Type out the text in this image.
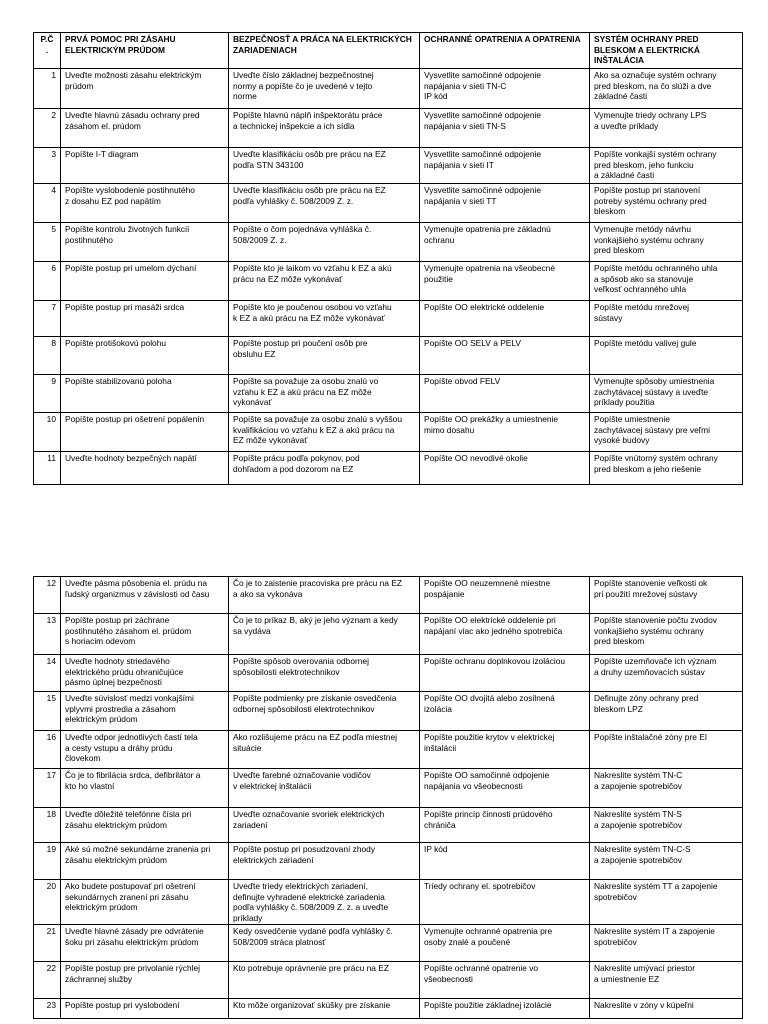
P.Č
.	PRVÁ POMOC PRI ZÁSAHU
ELEKTRICKÝM PRÚDOM	BEZPEČNOSŤ A PRÁCA NA ELEKTRICKÝCH
ZARIADENIACH	OCHRANNÉ OPATRENIA A OPATRENIA	SYSTÉM OCHRANY PRED
BLESKOM A ELEKTRICKÁ
INŠTALÁCIA
1	Uveďte možnosti zásahu elektrickým
prúdom	Uveďte číslo základnej bezpečnostnej
normy a popíšte čo je uvedené v tejto
norme	Vysvetlite samočinné odpojenie
napájania v sieti TN-C
IP kód	Ako sa označuje systém ochrany
pred bleskom, na čo slúži a dve
základné časti
2	Uveďte hlavnú zásadu ochrany pred
zásahom el. prúdom	Popíšte hlavnú náplň inšpektorátu práce
a technickej inšpekcie a ich sídla	Vysvetlite samočinné odpojenie
napájania v sieti TN-S	Vymenujte triedy ochrany LPS
a uveďte príklady
3	Popíšte I-T diagram	Uveďte klasifikáciu osôb pre prácu na EZ
podľa STN 343100	Vysvetlite samočinné odpojenie
napájania v sieti IT	Popíšte vonkajší systém ochrany
pred bleskom, jeho funkciu
a základné časti
4	Popíšte vyslobodenie postihnutého
z dosahu EZ pod napätím	Uveďte klasifikáciu osôb pre prácu na EZ
podľa vyhlášky č. 508/2009 Z. z.	Vysvetlite samočinné odpojenie
napájania v sieti TT	Popíšte postup pri stanovení
potreby systému ochrany pred
bleskom
5	Popíšte kontrolu životných funkcií
postihnutého	Popíšte o čom pojednáva vyhláška č.
508/2009 Z. z.	Vymenujte opatrenia pre základnú
ochranu	Vymenujte metódy návrhu
vonkajšieho systému ochrany
pred bleskom
6	Popíšte postup pri umelom dýchaní	Popíšte kto je laikom vo vzťahu k EZ a akú
prácu na EZ môže vykonávať	Vymenujte opatrenia na všeobecné
použitie	Popíšte metódu ochranného uhla
a spôsob ako sa stanovuje
veľkosť ochranného uhla
7	Popíšte postup pri masáži srdca	Popíšte kto je poučenou osobou vo vzťahu
k EZ a akú prácu na EZ môže vykonávať	Popíšte OO elektrické oddelenie	Popíšte metódu mrežovej
sústavy
8	Popíšte protišokovú polohu	Popíšte postup pri poučení osôb pre
obsluhu EZ	Popíšte OO SELV a PELV	Popíšte metódu valivej gule
9	Popíšte stabilizovanú poloha	Popíšte sa považuje za osobu znalú vo
vzťahu k EZ a akú prácu na EZ môže
vykonávať	Popíšte obvod FELV	Vymenujte spôsoby umiestnenia
zachytávacej sústavy a uveďte
príklady použitia
10	Popíšte postup pri ošetrení popálenín	Popíšte sa považuje za osobu znalú s vyššou
kvalifikáciou vo vzťahu k EZ a akú prácu na
EZ môže vykonávať	Popíšte OO prekážky a umiestnenie
mimo dosahu	Popíšte umiestnenie
zachytávacej sústavy pre veľmi
vysoké budovy
11	Uveďte hodnoty bezpečných napätí	Popíšte prácu podľa pokynov, pod
dohľadom a pod dozorom na EZ	Popíšte OO nevodivé okolie	Popíšte vnútorný systém ochrany
pred bleskom a jeho riešenie
12	Uveďte pásma pôsobenia el. prúdu na
ľudský organizmus v závislosti od času	Čo je to zaistenie pracoviska pre prácu na EZ
a ako sa vykonáva	Popíšte OO neuzemnené miestne
pospájanie	Popíšte stanovenie veľkosti ok
pri použití mrežovej sústavy
13	Popíšte postup pri záchrane
postihnutého zásahom el. prúdom
s horiacim odevom	Čo je to príkaz B, aký je jeho význam a kedy
sa vydáva	Popíšte OO elektrické oddelenie pri
napájaní viac ako jedného spotrebiča	Popíšte stanovenie počtu zvodov
vonkajšieho systému ochrany
pred bleskom
14	Uveďte hodnoty striedavého
elektrického prúdu ohraničujúce
pásmo úplnej bezpečnosti	Popíšte spôsob overovania odbornej
spôsobilosti elektrotechnikov	Popíšte ochranu doplnkovou izoláciou	Popíšte uzemňovače ich význam
a druhy uzemňovacích sústav
15	Uveďte súvislosť medzi vonkajšími
vplyvmi prostredia a zásahom
elektrickým prúdom	Popíšte podmienky pre získanie osvedčenia
odbornej spôsobilosti elektrotechnikov	Popíšte OO dvojitá alebo zosilnená
izolácia	Definujte zóny ochrany pred
bleskom LPZ
16	Uveďte odpor jednotlivých častí tela
a cesty vstupu a dráhy prúdu
človekom	Ako rozlišujeme prácu na EZ podľa miestnej
situácie	Popíšte použitie krytov v elektrickej
inštalácii	Popíšte inštalačné zóny pre EI
17	Čo je to fibrilácia srdca, defibrilátor a
kto ho vlastní	Uveďte farebné označovanie vodičov
v elektrickej inštalácii	Popíšte OO samočinné odpojenie
napájania vo všeobecnosti	Nakreslite systém TN-C
a zapojenie spotrebičov
18	Uveďte dôležité telefónne čísla pri
zásahu elektrickým prúdom	Uveďte označovanie svoriek elektrických
zariadení	Popíšte princíp činnosti prúdového
chrániča	Nakreslite systém TN-S
a zapojenie spotrebičov
19	Aké sú možné sekundárne zranenia pri
zásahu elektrickým prúdom	Popíšte postup pri posudzovaní zhody
elektrických zariadení	IP kód	Nakreslite systém TN-C-S
a zapojenie spotrebičov
20	Ako budete postupovať pri ošetrení
sekundárnych zranení pri zásahu
elektrickým prúdom	Uveďte triedy elektrických zariadení,
definujte vyhradené elektrické zariadenia
podľa vyhlášky č. 508/2009 Z. z. a uveďte
príklady	Triedy ochrany el. spotrebičov	Nakreslite systém TT a zapojenie
spotrebičov
21	Uveďte hlavné zásady pre odvrátenie
šoku pri zásahu elektrickým prúdom	Kedy osvedčenie vydané podľa vyhlášky č.
508/2009 stráca platnosť	Vymenujte ochranné opatrenia pre
osoby znalé a poučené	Nakreslite systém IT a zapojenie
spotrebičov
22	Popíšte postup pre privolanie rýchlej
záchrannej služby	Kto potrebuje oprávnenie pre prácu na EZ	Popíšte ochranné opatrenie vo
všeobecnosti	Nakreslite umývací priestor
a umiestnenie EZ
23	Popíšte postup pri vyslobodení	Kto môže organizovať skúšky pre získanie	Popíšte použitie základnej izolácie	Nakreslite v zóny v kúpeľni
